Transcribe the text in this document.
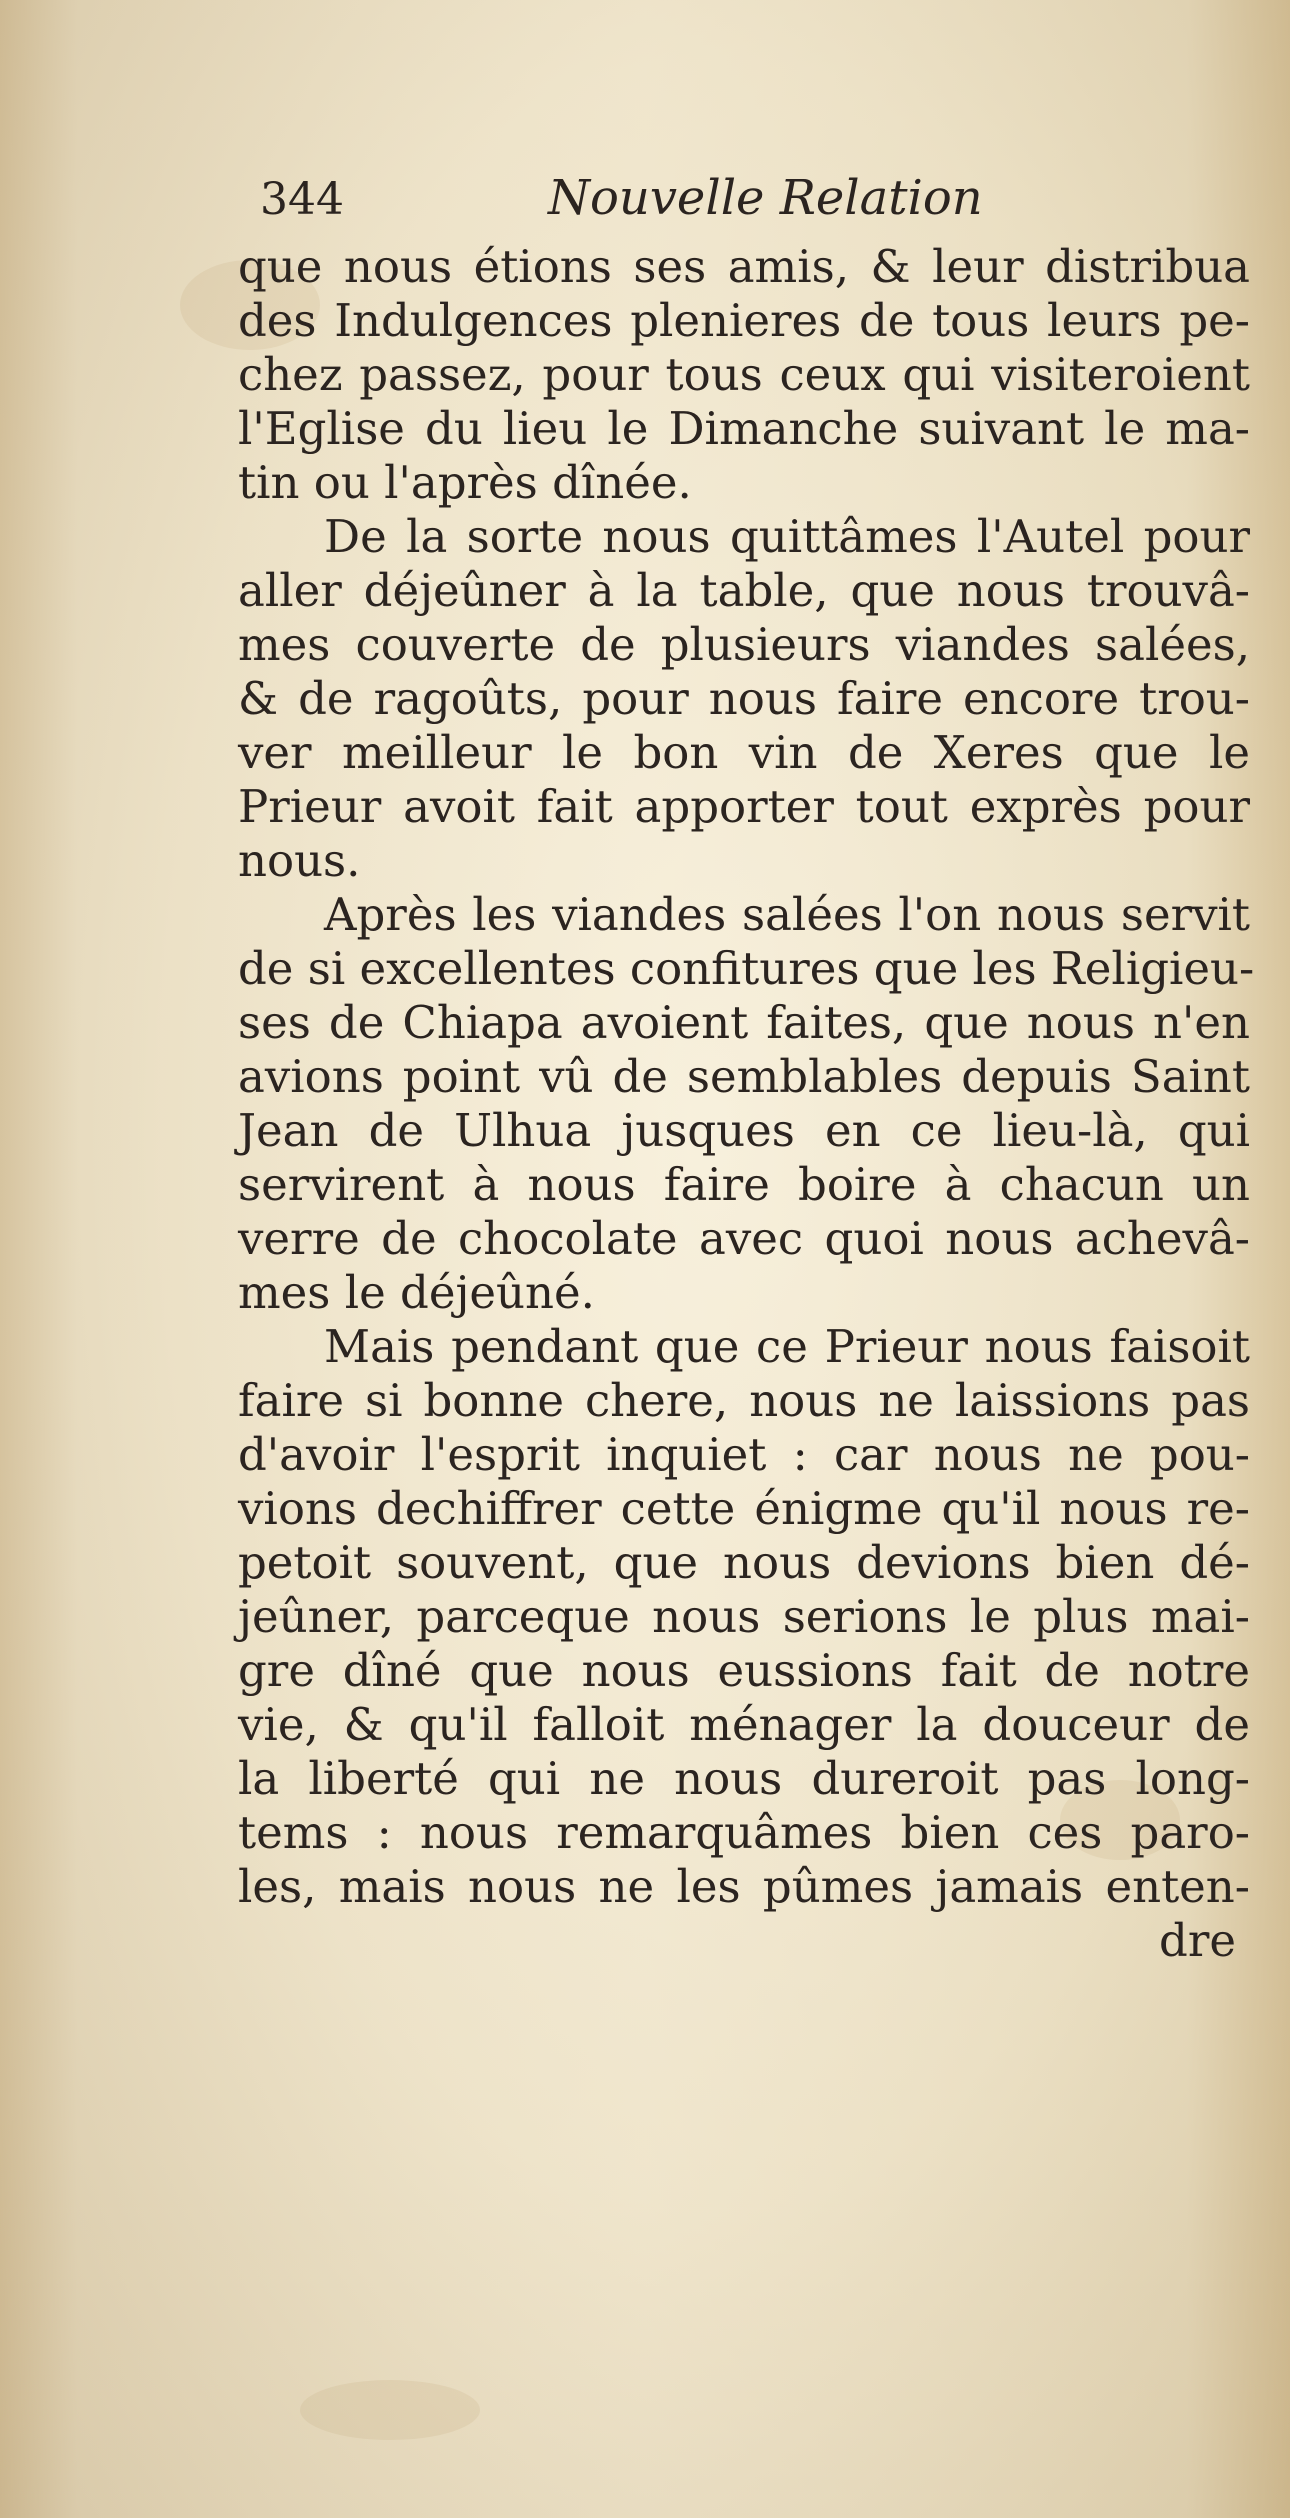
344	Nouvelle Relation
que nous étions ses amis, & leur distribua
des Indulgences plenieres de tous leurs pe-
chez passez, pour tous ceux qui visiteroient
l'Eglise du lieu le Dimanche suivant le ma-
tin ou l'après dînée.
De la sorte nous quittâmes l'Autel pour
aller déjeûner à la table, que nous trouvâ-
mes couverte de plusieurs viandes salées,
& de ragoûts, pour nous faire encore trou-
ver meilleur le bon vin de Xeres que le
Prieur avoit fait apporter tout exprès pour
nous.
Après les viandes salées l'on nous servit
de si excellentes confitures que les Religieu-
ses de Chiapa avoient faites, que nous n'en
avions point vû de semblables depuis Saint
Jean de Ulhua jusques en ce lieu-là, qui
servirent à nous faire boire à chacun un
verre de chocolate avec quoi nous achevâ-
mes le déjeûné.
Mais pendant que ce Prieur nous faisoit
faire si bonne chere, nous ne laissions pas
d'avoir l'esprit inquiet : car nous ne pou-
vions dechiffrer cette énigme qu'il nous re-
petoit souvent, que nous devions bien dé-
jeûner, parceque nous serions le plus mai-
gre dîné que nous eussions fait de notre
vie, & qu'il falloit ménager la douceur de
la liberté qui ne nous dureroit pas long-
tems : nous remarquâmes bien ces paro-
les, mais nous ne les pûmes jamais enten-
dre
